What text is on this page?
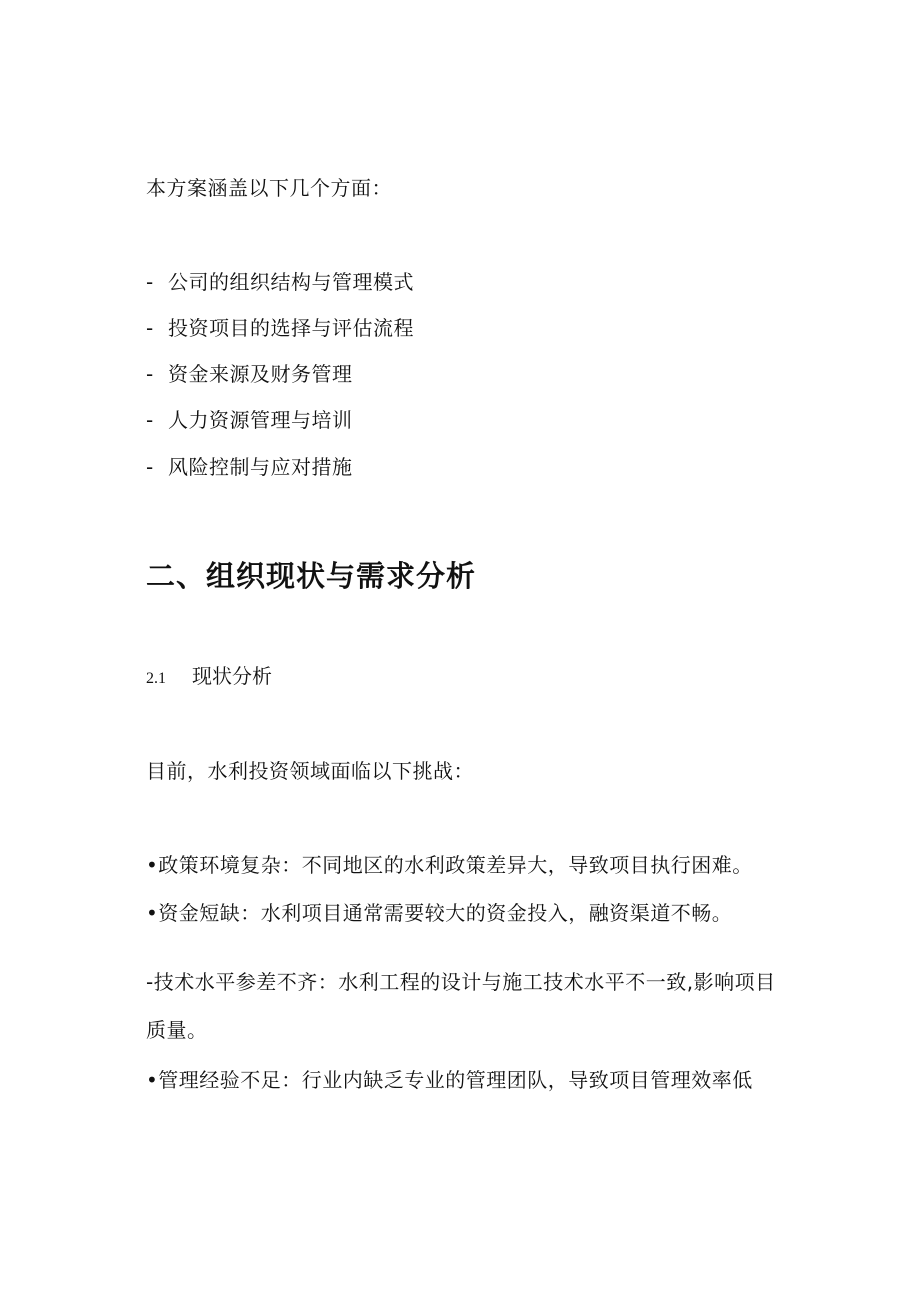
本方案涵盖以下几个方面：
- 公司的组织结构与管理模式
- 投资项目的选择与评估流程
- 资金来源及财务管理
- 人力资源管理与培训
- 风险控制与应对措施
二、组织现状与需求分析
2.1 现状分析
目前，水利投资领域面临以下挑战：
•政策环境复杂：不同地区的水利政策差异大，导致项目执行困难。
•资金短缺：水利项目通常需要较大的资金投入，融资渠道不畅。
-技术水平参差不齐：水利工程的设计与施工技术水平不一致,影响项目
质量。
•管理经验不足：行业内缺乏专业的管理团队，导致项目管理效率低
